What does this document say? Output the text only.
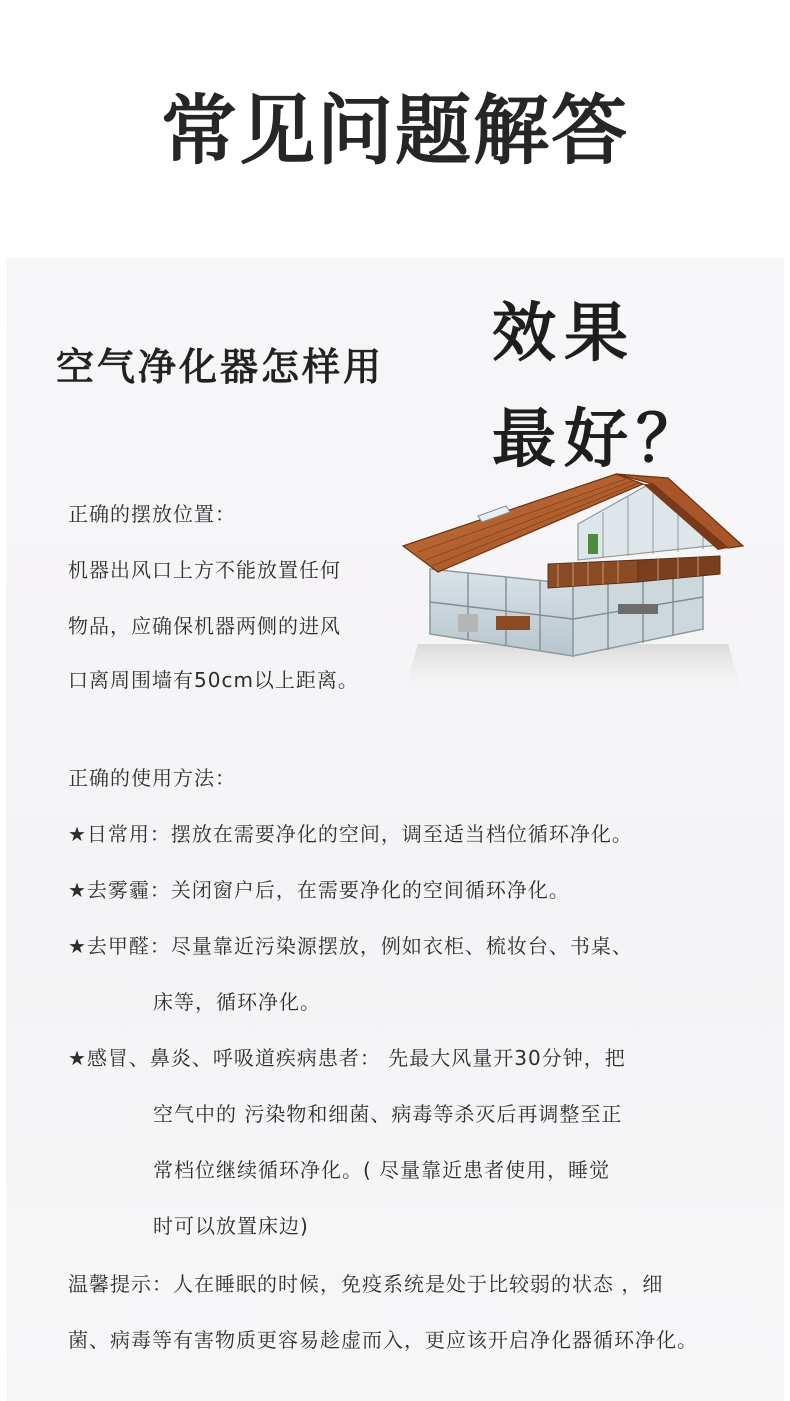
常见问题解答
空气净化器怎样用 效果
最好？
正确的摆放位置：
机器出风口上方不能放置任何
物品，应确保机器两侧的进风
口离周围墙有50cm以上距离。
正确的使用方法：
★日常用：摆放在需要净化的空间，调至适当档位循环净化。
★去雾霾：关闭窗户后，在需要净化的空间循环净化。
★去甲醛：尽量靠近污染源摆放，例如衣柜、梳妆台、书桌、
床等，循环净化。
★感冒、鼻炎、呼吸道疾病患者： 先最大风量开30分钟，把
空气中的 污染物和细菌、病毒等杀灭后再调整至正
常档位继续循环净化。( 尽量靠近患者使用，睡觉
时可以放置床边)
温馨提示：人在睡眠的时候，免疫系统是处于比较弱的状态 ，细
菌、病毒等有害物质更容易趁虚而入，更应该开启净化器循环净化。
